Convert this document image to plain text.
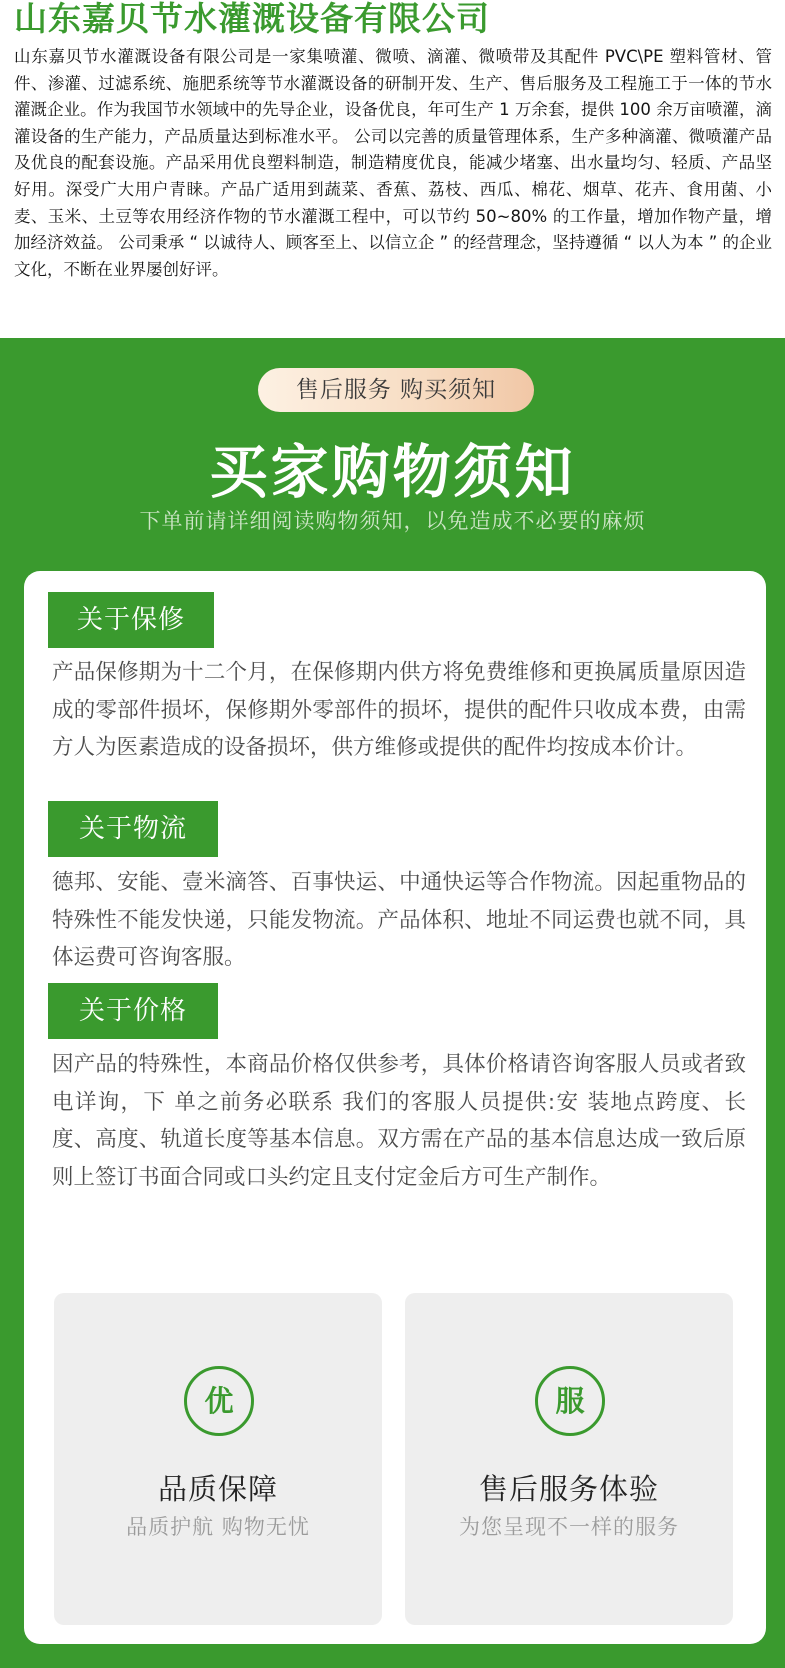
山东嘉贝节水灌溉设备有限公司
山东嘉贝节水灌溉设备有限公司是一家集喷灌、微喷、滴灌、微喷带及其配件 PVC\PE 塑料管材、管件、渗灌、过滤系统、施肥系统等节水灌溉设备的研制开发、生产、售后服务及工程施工于一体的节水灌溉企业。作为我国节水领域中的先导企业，设备优良，年可生产 1 万余套，提供 100 余万亩喷灌，滴灌设备的生产能力，产品质量达到标准水平。 公司以完善的质量管理体系，生产多种滴灌、微喷灌产品及优良的配套设施。产品采用优良塑料制造，制造精度优良，能减少堵塞、出水量均匀、轻质、产品坚好用。深受广大用户青睐。产品广适用到蔬菜、香蕉、荔枝、西瓜、棉花、烟草、花卉、食用菌、小麦、玉米、土豆等农用经济作物的节水灌溉工程中，可以节约 50~80% 的工作量，增加作物产量，增加经济效益。 公司秉承 “ 以诚待人、顾客至上、以信立企 ” 的经营理念，坚持遵循 “ 以人为本 ” 的企业文化，不断在业界屡创好评。
售后服务 购买须知
买家购物须知
下单前请详细阅读购物须知，以免造成不必要的麻烦
关于保修
产品保修期为十二个月，在保修期内供方将免费维修和更换属质量原因造成的零部件损坏，保修期外零部件的损坏，提供的配件只收成本费，由需方人为医素造成的设备损坏，供方维修或提供的配件均按成本价计。
关于物流
德邦、安能、壹米滴答、百事快运、中通快运等合作物流。因起重物品的特殊性不能发快递，只能发物流。产品体积、地址不同运费也就不同，具体运费可咨询客服。
关于价格
因产品的特殊性，本商品价格仅供参考，具体价格请咨询客服人员或者致电详询，下 单之前务必联系 我们的客服人员提供:安 装地点跨度、长度、高度、轨道长度等基本信息。双方需在产品的基本信息达成一致后原则上签订书面合同或口头约定且支付定金后方可生产制作。
优
品质保障
品质护航 购物无忧
服
售后服务体验
为您呈现不一样的服务
